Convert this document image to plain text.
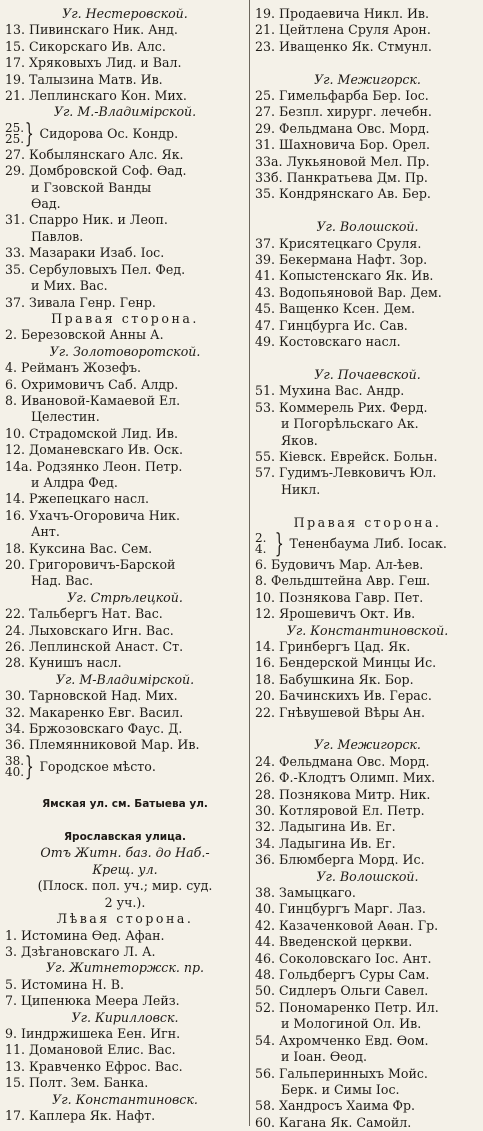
Уг. Нестеровской.
13. Пивинскаго Ник. Анд.
15. Сикорскаго Ив. Алс.
17. Хряковыхъ Лид. и Вал.
19. Талызина Матв. Ив.
21. Леплинскаго Кон. Мих.
Уг. М.-Владимірской.
25.
25. } Сидорова Ос. Кондр.
27. Кобылянскаго Алс. Як.
29. Домбровской Соф. Ѳад.
и Гзовской Ванды
Ѳад.
31. Спарро Ник. и Леоп.
Павлов.
33. Мазараки Изаб. Іос.
35. Сербуловыхъ Пел. Фед.
и Мих. Вас.
37. Зивала Генр. Генр.
Правая сторона.
2. Березовской Анны А.
Уг. Золотоворотской.
4. Рейманъ Жозефъ.
6. Охримовичъ Саб. Алдр.
8. Ивановой-Камаевой Ел.
Целестин.
10. Страдомской Лид. Ив.
12. Доманевскаго Ив. Оск.
14а. Родзянко Леон. Петр.
и Алдра Фед.
14. Ржепецкаго насл.
16. Ухачъ-Огоровича Ник.
Ант.
18. Куксина Вас. Сем.
20. Григоровичъ-Барской
Над. Вас.
Уг. Стрѣлецкой.
22. Тальбергъ Нат. Вас.
24. Лыховскаго Игн. Вас.
26. Леплинской Анаст. Ст.
28. Кунишъ насл.
Уг. М-Владимірской.
30. Тарновской Над. Мих.
32. Макаренко Евг. Васил.
34. Бржозовскаго Фаус. Д.
36. Племянниковой Мар. Ив.
38.
40. } Городское мѣсто.
Ямская ул. см. Батыева ул.
Ярославская улица.
Отъ Житн. баз. до Наб.-
Крещ. ул.
(Плоск. пол. уч.; мир. суд.
2 уч.).
Лѣвая сторона.
1. Истомина Ѳед. Афан.
3. Дзѣгановскаго Л. А.
Уг. Житнеторжск. пр.
5. Истомина Н. В.
7. Ципенюка Меера Лейз.
Уг. Кирилловск.
9. Іиндржишека Еен. Игн.
11. Домановой Елис. Вас.
13. Кравченко Ефрос. Вас.
15. Полт. Зем. Банка.
Уг. Константиновск.
17. Каплера Як. Нафт.
19. Продаевича Никл. Ив.
21. Цейтлена Сруля Арон.
23. Иващенко Як. Стмунл.
Уг. Межигорск.
25. Гимельфарба Бер. Іос.
27. Безпл. хирург. лечебн.
29. Фельдмана Овс. Морд.
31. Шахновича Бор. Орел.
33а. Лукьяновой Мел. Пр.
33б. Панкратьева Дм. Пр.
35. Кондрянскаго Ав. Бер.
Уг. Волошской.
37. Крисятецкаго Сруля.
39. Бекермана Нафт. Зор.
41. Копыстенскаго Як. Ив.
43. Водопьяновой Вар. Дем.
45. Ващенко Ксен. Дем.
47. Гинцбурга Ис. Сав.
49. Костовскаго насл.
Уг. Почаевской.
51. Мухина Вас. Андр.
53. Коммерель Рих. Ферд.
и Погорѣльскаго Ак.
Яков.
55. Кіевск. Еврейск. Больн.
57. Гудимъ-Левковичъ Юл.
Никл.
Правая сторона.
2.
4. } Тененбаума Либ. Іосак.
6. Будовичъ Мар. Ал-ѣев.
8. Фельдштейна Авр. Геш.
10. Познякова Гавр. Пет.
12. Ярошевичъ Окт. Ив.
Уг. Константиновской.
14. Гринбергъ Цад. Як.
16. Бендерской Минцы Ис.
18. Бабушкина Як. Бор.
20. Бачинскихъ Ив. Герас.
22. Гнѣвушевой Вѣры Ан.
Уг. Межигорск.
24. Фельдмана Овс. Морд.
26. Ф.-Клодтъ Олимп. Мих.
28. Познякова Митр. Ник.
30. Котляровой Ел. Петр.
32. Ладыгина Ив. Ег.
34. Ладыгина Ив. Ег.
36. Блюмберга Морд. Ис.
Уг. Волошской.
38. Замыцкаго.
40. Гинцбургъ Марг. Лаз.
42. Казаченковой Аѳан. Гр.
44. Введенской церкви.
46. Соколовскаго Іос. Ант.
48. Гольдбергъ Суры Сам.
50. Сидлеръ Ольги Савел.
52. Пономаренко Петр. Ил.
и Мологиной Ол. Ив.
54. Ахромченко Евд. Ѳом.
и Іоан. Ѳеод.
56. Гальперинныхъ Мойс.
Берк. и Симы Іос.
58. Хандросъ Хаима Фр.
60. Кагана Як. Самойл.
